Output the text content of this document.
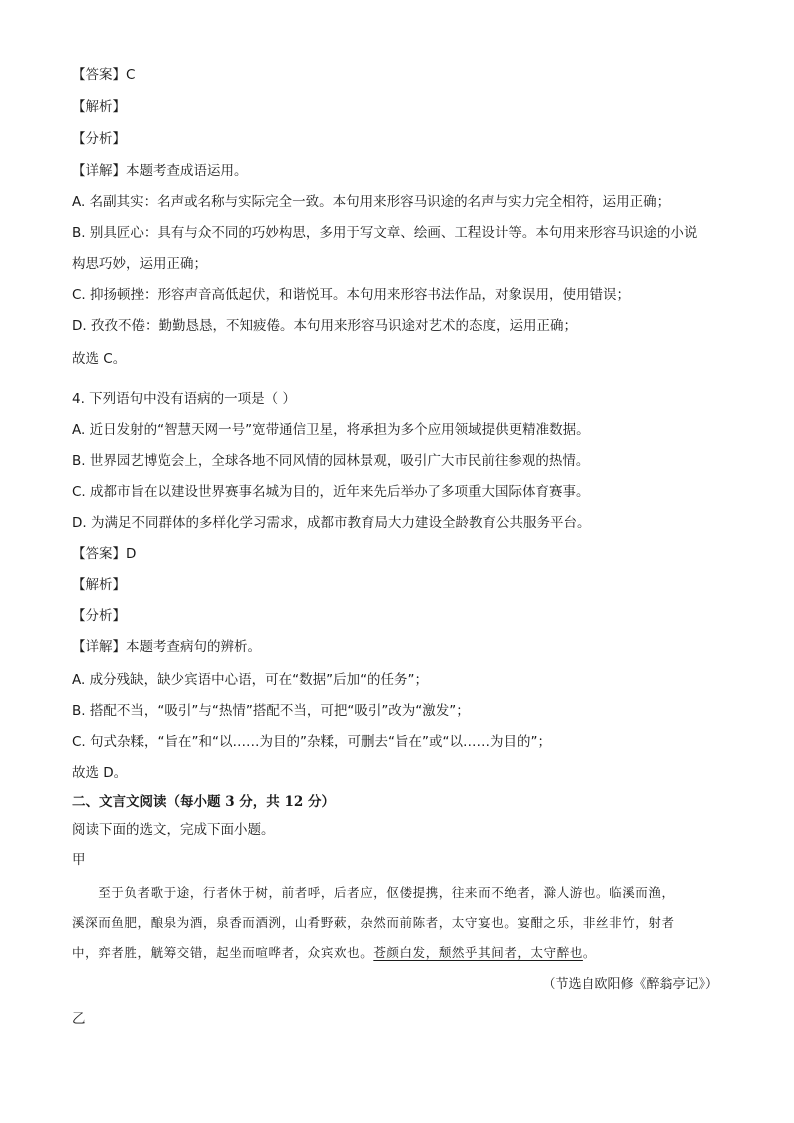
【答案】C
【解析】
【分析】
【详解】本题考查成语运用。
A. 名副其实：名声或名称与实际完全一致。本句用来形容马识途的名声与实力完全相符，运用正确；
B. 别具匠心：具有与众不同的巧妙构思，多用于写文章、绘画、工程设计等。本句用来形容马识途的小说
构思巧妙，运用正确；
C. 抑扬顿挫：形容声音高低起伏，和谐悦耳。本句用来形容书法作品，对象误用，使用错误；
D. 孜孜不倦：勤勤恳恳，不知疲倦。本句用来形容马识途对艺术的态度，运用正确；
故选 C。
4. 下列语句中没有语病的一项是（ ）
A. 近日发射的“智慧天网一号”宽带通信卫星，将承担为多个应用领域提供更精准数据。
B. 世界园艺博览会上，全球各地不同风情的园林景观，吸引广大市民前往参观的热情。
C. 成都市旨在以建设世界赛事名城为目的，近年来先后举办了多项重大国际体育赛事。
D. 为满足不同群体的多样化学习需求，成都市教育局大力建设全龄教育公共服务平台。
【答案】D
【解析】
【分析】
【详解】本题考查病句的辨析。
A. 成分残缺，缺少宾语中心语，可在“数据”后加“的任务”；
B. 搭配不当，“吸引”与“热情”搭配不当，可把“吸引”改为“激发”；
C. 句式杂糅，“旨在”和“以……为目的”杂糅，可删去“旨在”或“以……为目的”；
故选 D。
二、文言文阅读（每小题 3 分，共 12 分）
阅读下面的选文，完成下面小题。
甲
　　至于负者歌于途，行者休于树，前者呼，后者应，伛偻提携，往来而不绝者，滁人游也。临溪而渔，
溪深而鱼肥，酿泉为酒，泉香而酒洌，山肴野蔌，杂然而前陈者，太守宴也。宴酣之乐，非丝非竹，射者
中，弈者胜，觥筹交错，起坐而喧哗者，众宾欢也。苍颜白发，颓然乎其间者，太守醉也。
（节选自欧阳修《醉翁亭记》）
乙
